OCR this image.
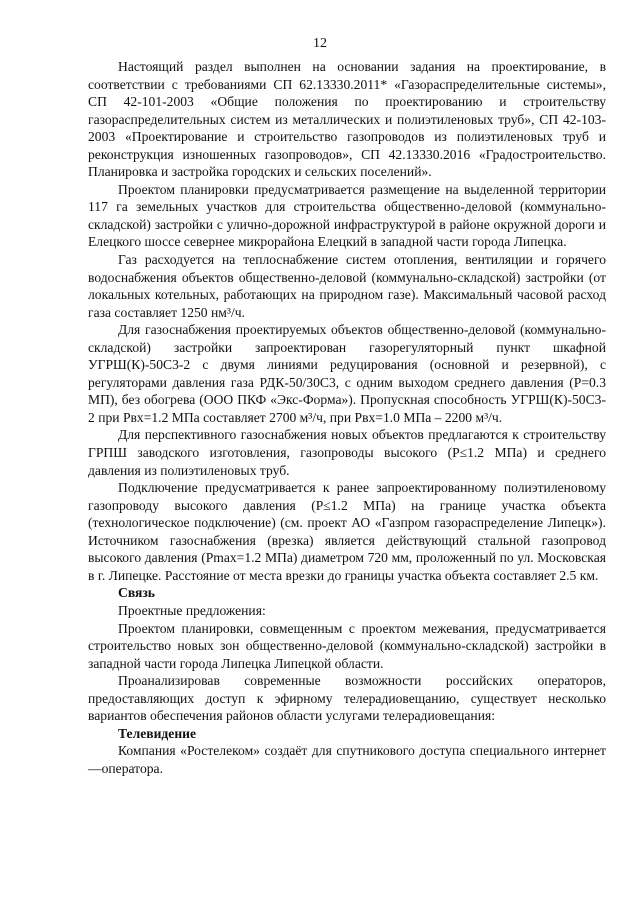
12

Настоящий раздел выполнен на основании задания на проектирование, в соответствии с требованиями СП 62.13330.2011* «Газораспределительные системы», СП 42-101-2003 «Общие положения по проектированию и строительству газораспределительных систем из металлических и полиэтиленовых труб», СП 42-103-2003 «Проектирование и строительство газопроводов из полиэтиленовых труб и реконструкция изношенных газопроводов», СП 42.13330.2016 «Градостроительство. Планировка и застройка городских и сельских поселений».

Проектом планировки предусматривается размещение на выделенной территории 117 га земельных участков для строительства общественно-деловой (коммунально-складской) застройки с улично-дорожной инфраструктурой в районе окружной дороги и Елецкого шоссе севернее микрорайона Елецкий в западной части города Липецка.

Газ расходуется на теплоснабжение систем отопления, вентиляции и горячего водоснабжения объектов общественно-деловой (коммунально-складской) застройки (от локальных котельных, работающих на природном газе). Максимальный часовой расход газа составляет 1250 нм³/ч.

Для газоснабжения проектируемых объектов общественно-деловой (коммунально-складской) застройки запроектирован газорегуляторный пункт шкафной УГРШ(К)-50С3-2 с двумя линиями редуцирования (основной и резервной), с регуляторами давления газа РДК-50/30С3, с одним выходом среднего давления (Р=0.3 МП), без обогрева (ООО ПКФ «Экс-Форма»). Пропускная способность УГРШ(К)-50С3-2 при Рвх=1.2 МПа составляет 2700 м³/ч, при Рвх=1.0 МПа – 2200 м³/ч.

Для перспективного газоснабжения новых объектов предлагаются к строительству ГРПШ заводского изготовления, газопроводы высокого (Р≤1.2 МПа) и среднего давления из полиэтиленовых труб.

Подключение предусматривается к ранее запроектированному полиэтиленовому газопроводу высокого давления (Р≤1.2 МПа) на границе участка объекта (технологическое подключение) (см. проект АО «Газпром газораспределение Липецк»). Источником газоснабжения (врезка) является действующий стальной газопровод высокого давления (Рmax=1.2 МПа) диаметром 720 мм, проложенный по ул. Московская в г. Липецке. Расстояние от места врезки до границы участка объекта составляет 2.5 км.

Связь

Проектные предложения:

Проектом планировки, совмещенным с проектом межевания, предусматривается строительство новых зон общественно-деловой (коммунально-складской) застройки в западной части города Липецка Липецкой области.

Проанализировав современные возможности российских операторов, предоставляющих доступ к эфирному телерадиовещанию, существует несколько вариантов обеспечения районов области услугами телерадиовещания:

Телевидение

Компания «Ростелеком» создаёт для спутникового доступа специального интернет—оператора.
